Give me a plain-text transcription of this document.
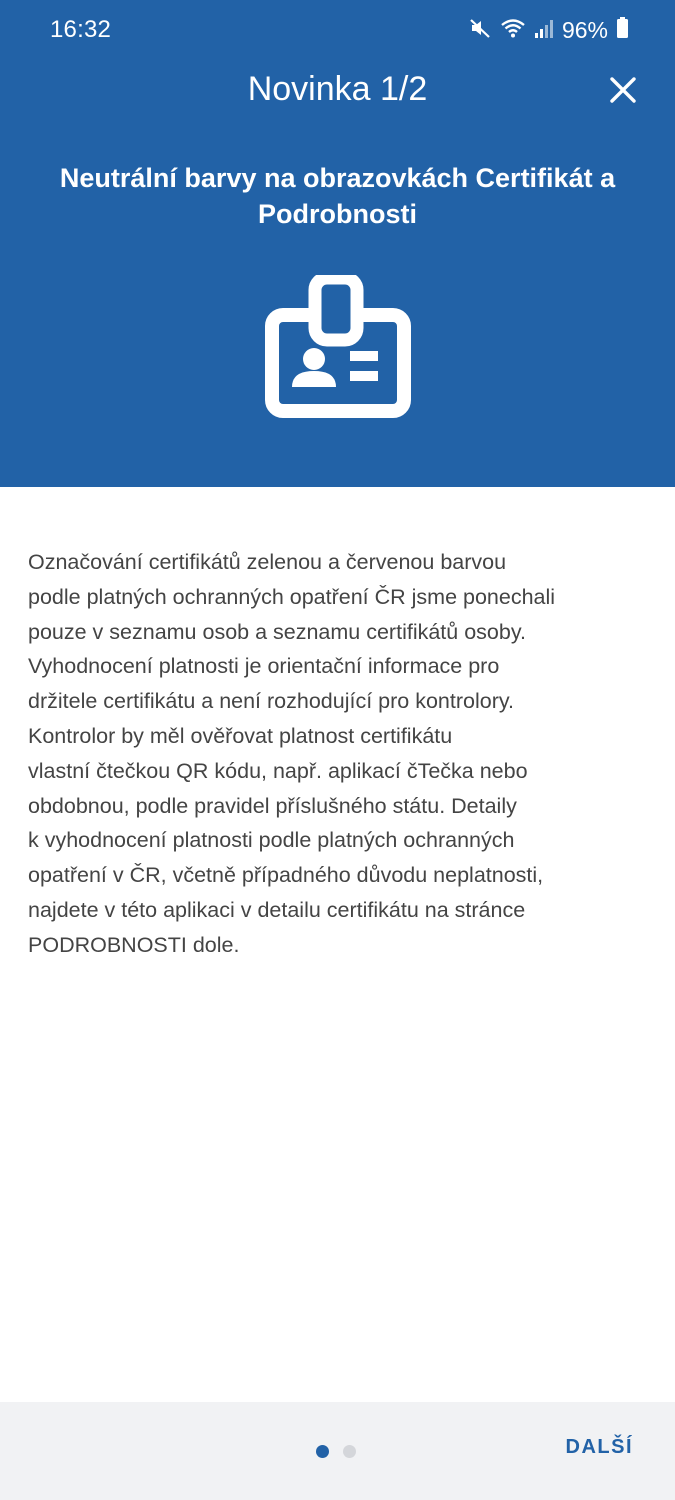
16:32	96%
Novinka 1/2
Neutrální barvy na obrazovkách Certifikát a Podrobnosti
Označování certifikátů zelenou a červenou barvou
podle platných ochranných opatření ČR jsme ponechali
pouze v seznamu osob a seznamu certifikátů osoby.
Vyhodnocení platnosti je orientační informace pro
držitele certifikátu a není rozhodující pro kontrolory.
Kontrolor by měl ověřovat platnost certifikátu
vlastní čtečkou QR kódu, např. aplikací čTečka nebo
obdobnou, podle pravidel příslušného státu. Detaily
k vyhodnocení platnosti podle platných ochranných
opatření v ČR, včetně případného důvodu neplatnosti,
najdete v této aplikaci v detailu certifikátu na stránce
PODROBNOSTI dole.
DALŠÍ
